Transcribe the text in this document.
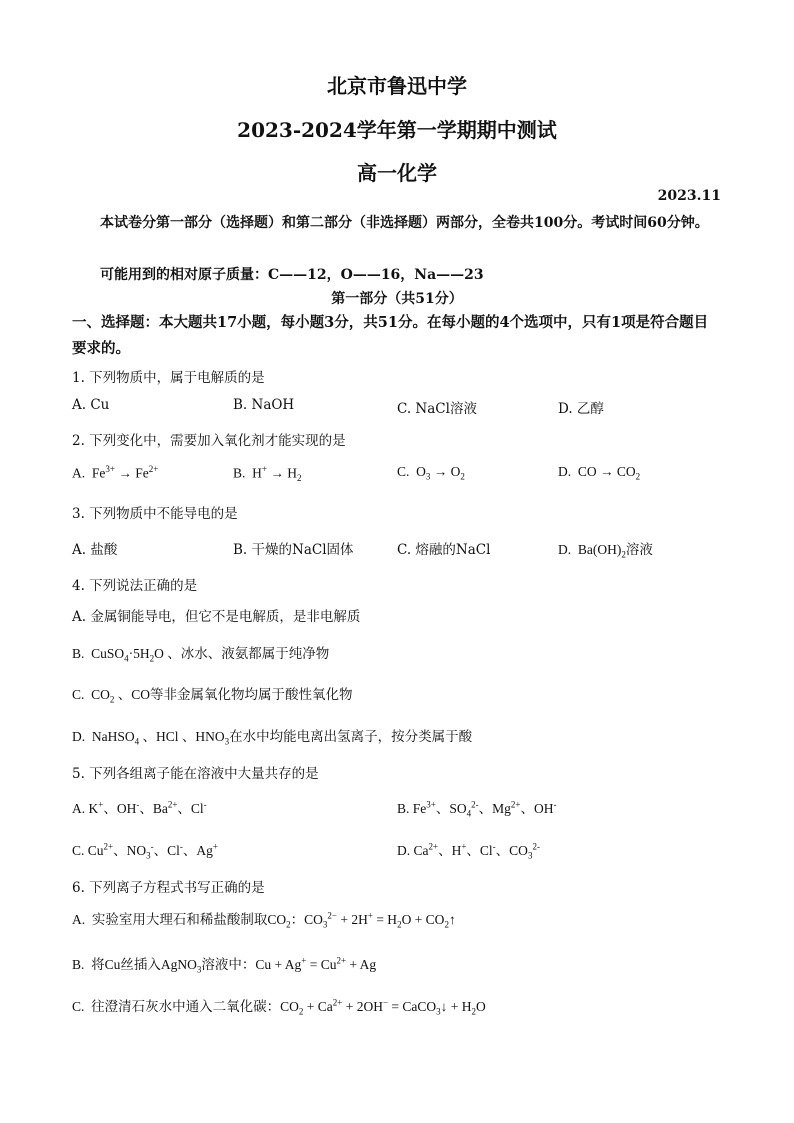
北京市鲁迅中学
2023-2024学年第一学期期中测试
高一化学
2023.11
本试卷分第一部分（选择题）和第二部分（非选择题）两部分，全卷共100分。考试时间60分钟。
可能用到的相对原子质量：C——12，O——16，Na——23
第一部分（共51分）
一、选择题：本大题共17小题，每小题3分，共51分。在每小题的4个选项中，只有1项是符合题目要求的。
1. 下列物质中，属于电解质的是
A. Cu	B. NaOH	C. NaCl溶液	D. 乙醇
2. 下列变化中，需要加入氧化剂才能实现的是
A.  $Fe^{3+} \to Fe^{2+}$	B.  $H^+ \to H_2$	C.  $O_3 \to O_2$	D.  CO → $CO_2$
3. 下列物质中不能导电的是
A. 盐酸	B. 干燥的NaCl固体	C. 熔融的NaCl	D.  $Ba(OH)_2$溶液
4. 下列说法正确的是
A. 金属铜能导电，但它不是电解质，是非电解质
B.  $CuSO_4\cdot 5H_2O$ 、冰水、液氨都属于纯净物
C.  $CO_2$ 、CO等非金属氧化物均属于酸性氧化物
D.  NaHSO$_4$ 、HCl 、$HNO_3$在水中均能电离出氢离子，按分类属于酸
5. 下列各组离子能在溶液中大量共存的是
A. K+、OH-、$Ba^{2+}$、Cl-	B. $Fe^{3+}$、$SO_4^{2-}$、$Mg^{2+}$、OH-
C. $Cu^{2+}$、$NO_3^-$、Cl-、Ag+	D. $Ca^{2+}$、H+、Cl-、$CO_3^{2-}$
6. 下列离子方程式书写正确的是
A.  实验室用大理石和稀盐酸制取$CO_2$：$CO_3^{2-} + 2H^+ = H_2O$ + $CO_2↑$
B.  将Cu丝插入AgNO$_3$溶液中：$Cu + Ag^+ = Cu^{2+} + Ag$
C.  往澄清石灰水中通入二氧化碳：$CO_2 + Ca^{2+} + 2OH^-$ = CaCO$_3$↓ + $H_2O$
